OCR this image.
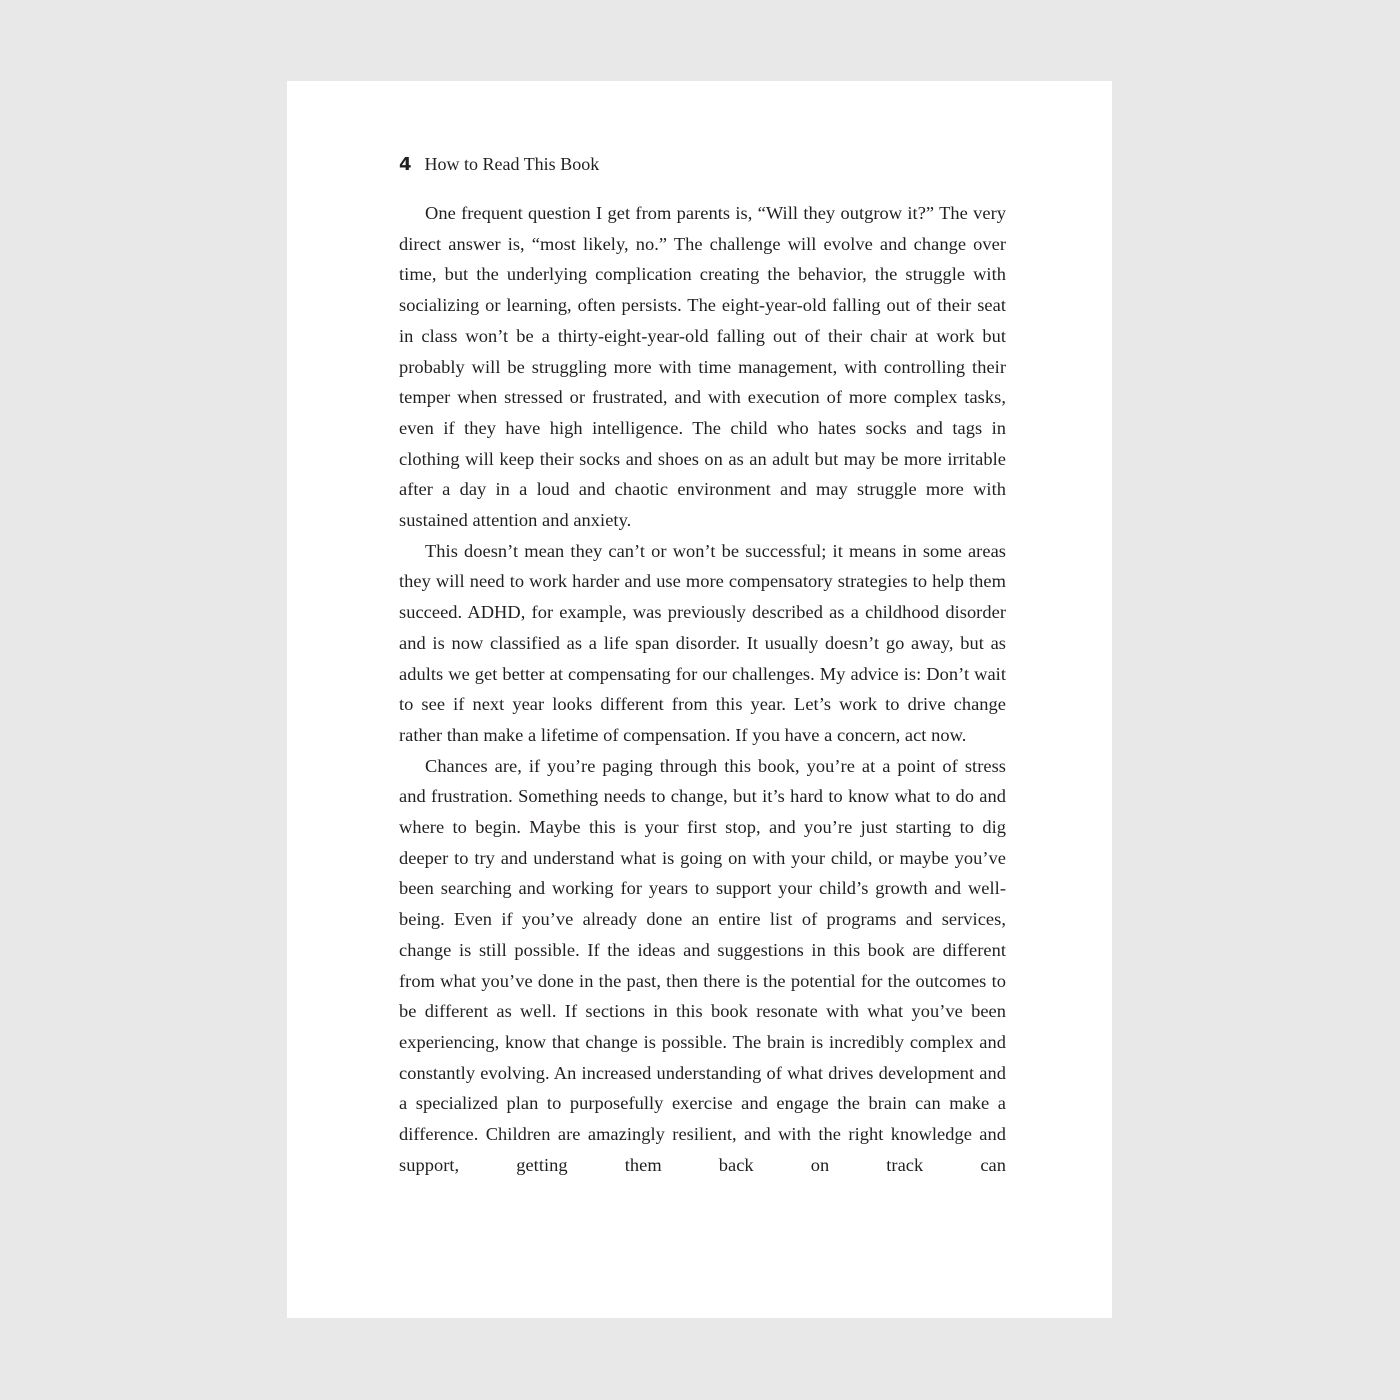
4 How to Read This Book

One frequent question I get from parents is, “Will they outgrow it?” The very direct answer is, “most likely, no.” The challenge will evolve and change over time, but the underlying complication creating the behavior, the struggle with socializing or learning, often persists. The eight-year-old falling out of their seat in class won’t be a thirty-eight-year-old falling out of their chair at work but probably will be struggling more with time management, with controlling their temper when stressed or frustrated, and with execution of more complex tasks, even if they have high intelligence. The child who hates socks and tags in clothing will keep their socks and shoes on as an adult but may be more irritable after a day in a loud and chaotic environment and may struggle more with sustained attention and anxiety.

This doesn’t mean they can’t or won’t be successful; it means in some areas they will need to work harder and use more compensatory strategies to help them succeed. ADHD, for example, was previously described as a childhood disorder and is now classified as a life span disorder. It usually doesn’t go away, but as adults we get better at compensating for our challenges. My advice is: Don’t wait to see if next year looks different from this year. Let’s work to drive change rather than make a lifetime of compensation. If you have a concern, act now.

Chances are, if you’re paging through this book, you’re at a point of stress and frustration. Something needs to change, but it’s hard to know what to do and where to begin. Maybe this is your first stop, and you’re just starting to dig deeper to try and understand what is going on with your child, or maybe you’ve been searching and working for years to support your child’s growth and well-being. Even if you’ve already done an entire list of programs and services, change is still possible. If the ideas and suggestions in this book are different from what you’ve done in the past, then there is the potential for the outcomes to be different as well. If sections in this book resonate with what you’ve been experiencing, know that change is possible. The brain is incredibly complex and constantly evolving. An increased understanding of what drives development and a specialized plan to purposefully exercise and engage the brain can make a difference. Children are amazingly resilient, and with the right knowledge and support, getting them back on track can
